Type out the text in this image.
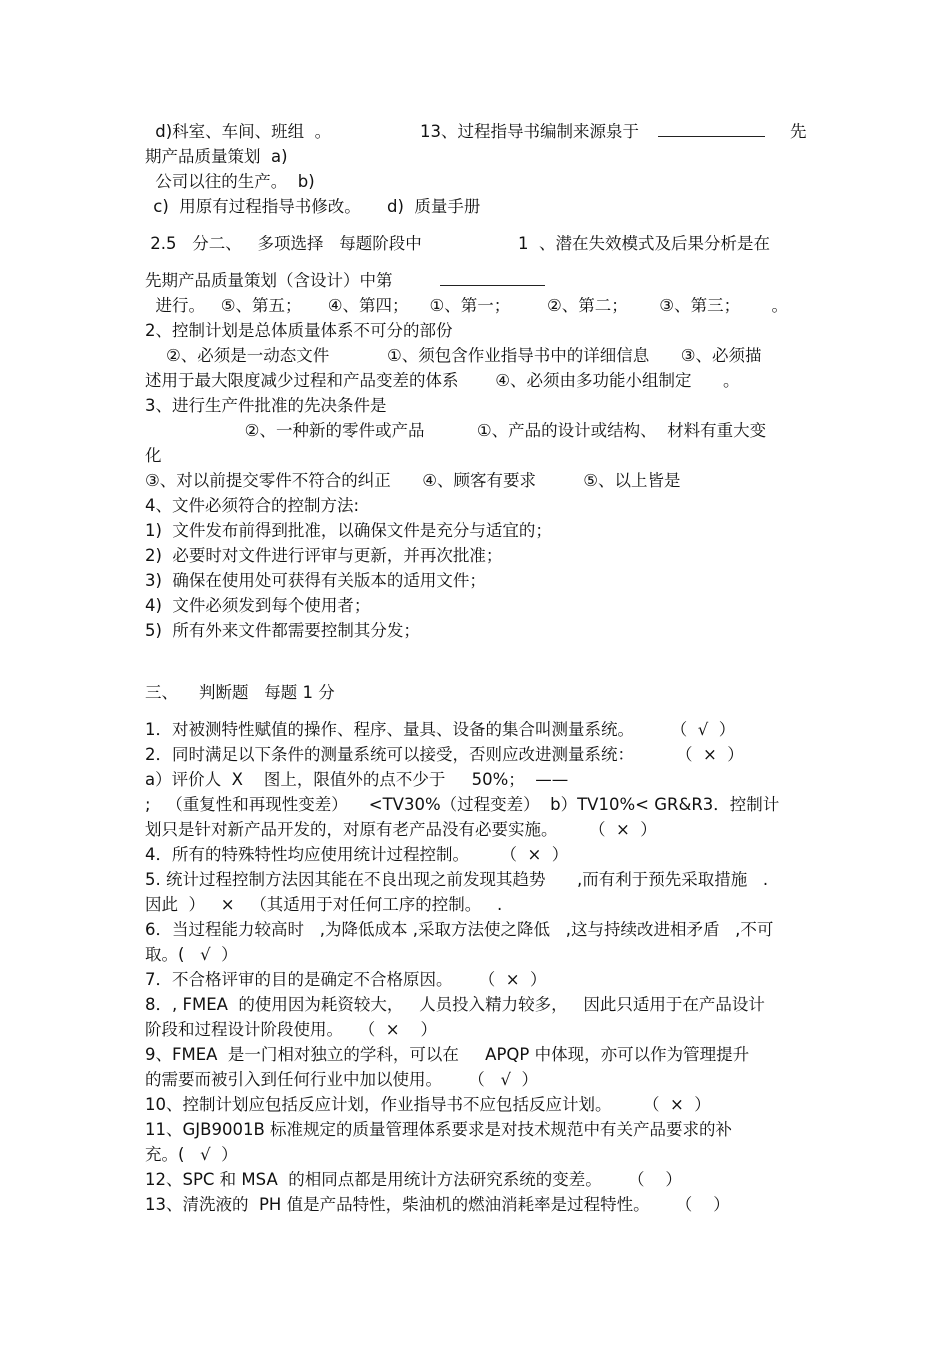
d)科室、车间、班组  。	13、过程指导书编制来源泉于	先
期产品质量策划  a)
公司以往的生产。  b)
c)  用原有过程指导书修改。     d)  质量手册
2.5   分二、   多项选择   每题阶段中	1  、潜在失效模式及后果分析是在
先期产品质量策划（含设计）中第
进行。   ⑤、第五；     ④、第四；    ①、第一；       ②、第二；      ③、第三；      。
2、控制计划是总体质量体系不可分的部份
②、必须是一动态文件           ①、须包含作业指导书中的详细信息      ③、必须描
述用于最大限度减少过程和产品变差的体系       ④、必须由多功能小组制定      。
3、进行生产件批准的先决条件是
②、一种新的零件或产品          ①、产品的设计或结构、  材料有重大变
化
③、对以前提交零件不符合的纠正      ④、顾客有要求         ⑤、以上皆是
4、文件必须符合的控制方法:
1)  文件发布前得到批准，以确保文件是充分与适宜的；
2)  必要时对文件进行评审与更新，并再次批准；
3)  确保在使用处可获得有关版本的适用文件；
4)  文件必须发到每个使用者；
5)  所有外来文件都需要控制其分发；
三、    判断题   每题 1 分
1．对被测特性赋值的操作、程序、量具、设备的集合叫测量系统。       （  √  ）
2．同时满足以下条件的测量系统可以接受，否则应改进测量系统：        （  ×  ）
a）评价人  X    图上，限值外的点不少于     50%；  ——
;   （重复性和再现性变差）    <TV30%（过程变差）  b）TV10%< GR&R3．控制计
划只是针对新产品开发的，对原有老产品没有必要实施。      （  ×  ）
4．所有的特殊特性均应使用统计过程控制。      （  ×  ）
5. 统计过程控制方法因其能在不良出现之前发现其趋势      ,而有利于预先采取措施   .
因此  ）   ×   （其适用于对任何工序的控制。   .
6．当过程能力较高时   ,为降低成本 ,采取方法使之降低   ,这与持续改进相矛盾   ,不可
取。(   √  ）
7．不合格评审的目的是确定不合格原因。     （  ×  ）
8．, FMEA  的使用因为耗资较大，   人员投入精力较多，   因此只适用于在产品设计
阶段和过程设计阶段使用。   （  ×    ）
9、FMEA  是一门相对独立的学科，可以在     APQP 中体现，亦可以作为管理提升
的需要而被引入到任何行业中加以使用。     （   √  ）
10、控制计划应包括反应计划，作业指导书不应包括反应计划。      （  ×  ）
11、GJB9001B 标准规定的质量管理体系要求是对技术规范中有关产品要求的补
充。(   √  ）
12、SPC 和 MSA  的相同点都是用统计方法研究系统的变差。     （    ）
13、清洗液的  PH 值是产品特性，柴油机的燃油消耗率是过程特性。     （    ）
